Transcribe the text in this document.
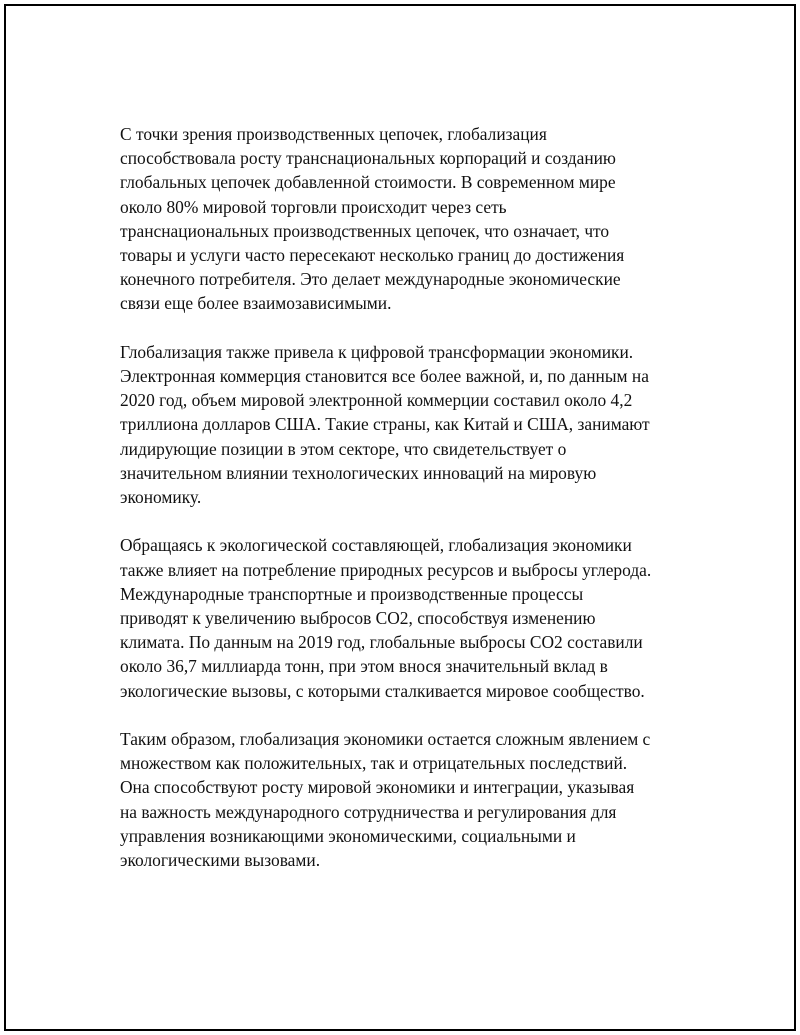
С точки зрения производственных цепочек, глобализация
способствовала росту транснациональных корпораций и созданию
глобальных цепочек добавленной стоимости. В современном мире
около 80% мировой торговли происходит через сеть
транснациональных производственных цепочек, что означает, что
товары и услуги часто пересекают несколько границ до достижения
конечного потребителя. Это делает международные экономические
связи еще более взаимозависимыми.

Глобализация также привела к цифровой трансформации экономики.
Электронная коммерция становится все более важной, и, по данным на
2020 год, объем мировой электронной коммерции составил около 4,2
триллиона долларов США. Такие страны, как Китай и США, занимают
лидирующие позиции в этом секторе, что свидетельствует о
значительном влиянии технологических инноваций на мировую
экономику.

Обращаясь к экологической составляющей, глобализация экономики
также влияет на потребление природных ресурсов и выбросы углерода.
Международные транспортные и производственные процессы
приводят к увеличению выбросов CO2, способствуя изменению
климата. По данным на 2019 год, глобальные выбросы CO2 составили
около 36,7 миллиарда тонн, при этом внося значительный вклад в
экологические вызовы, с которыми сталкивается мировое сообщество.

Таким образом, глобализация экономики остается сложным явлением с
множеством как положительных, так и отрицательных последствий.
Она способствуют росту мировой экономики и интеграции, указывая
на важность международного сотрудничества и регулирования для
управления возникающими экономическими, социальными и
экологическими вызовами.
